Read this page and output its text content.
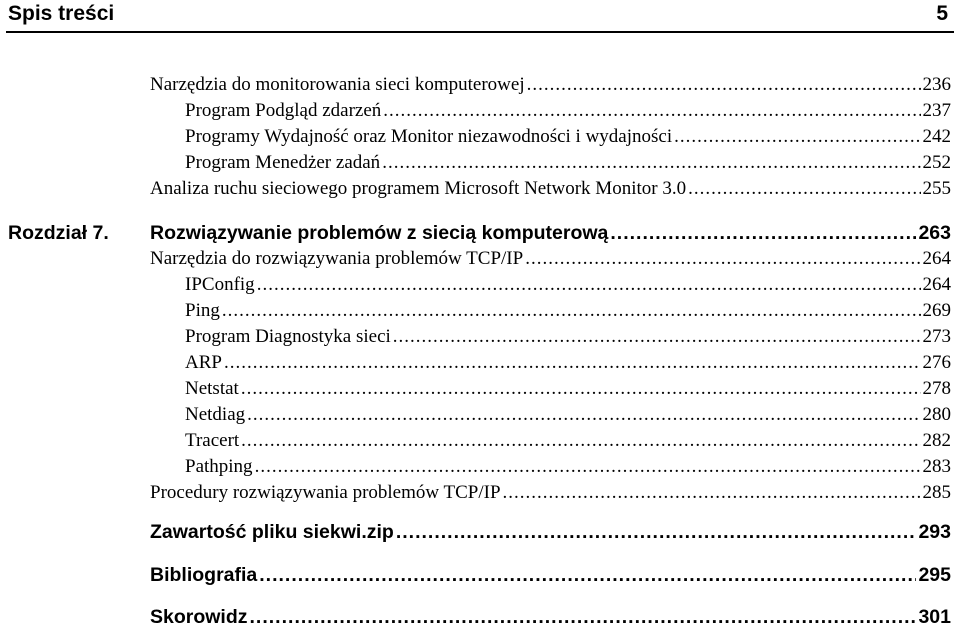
Spis treści	5
Narzędzia do monitorowania sieci komputerowej .....	236
Program Podgląd zdarzeń .....	237
Programy Wydajność oraz Monitor niezawodności i wydajności .....	242
Program Menedżer zadań .....	252
Analiza ruchu sieciowego programem Microsoft Network Monitor 3.0 .....	255
Rozdział 7. Rozwiązywanie problemów z siecią komputerową .....	263
Narzędzia do rozwiązywania problemów TCP/IP .....	264
IPConfig .....	264
Ping .....	269
Program Diagnostyka sieci .....	273
ARP .....	276
Netstat .....	278
Netdiag .....	280
Tracert .....	282
Pathping .....	283
Procedury rozwiązywania problemów TCP/IP .....	285
Zawartość pliku siekwi.zip .....	293
Bibliografia .....	295
Skorowidz .....	301
